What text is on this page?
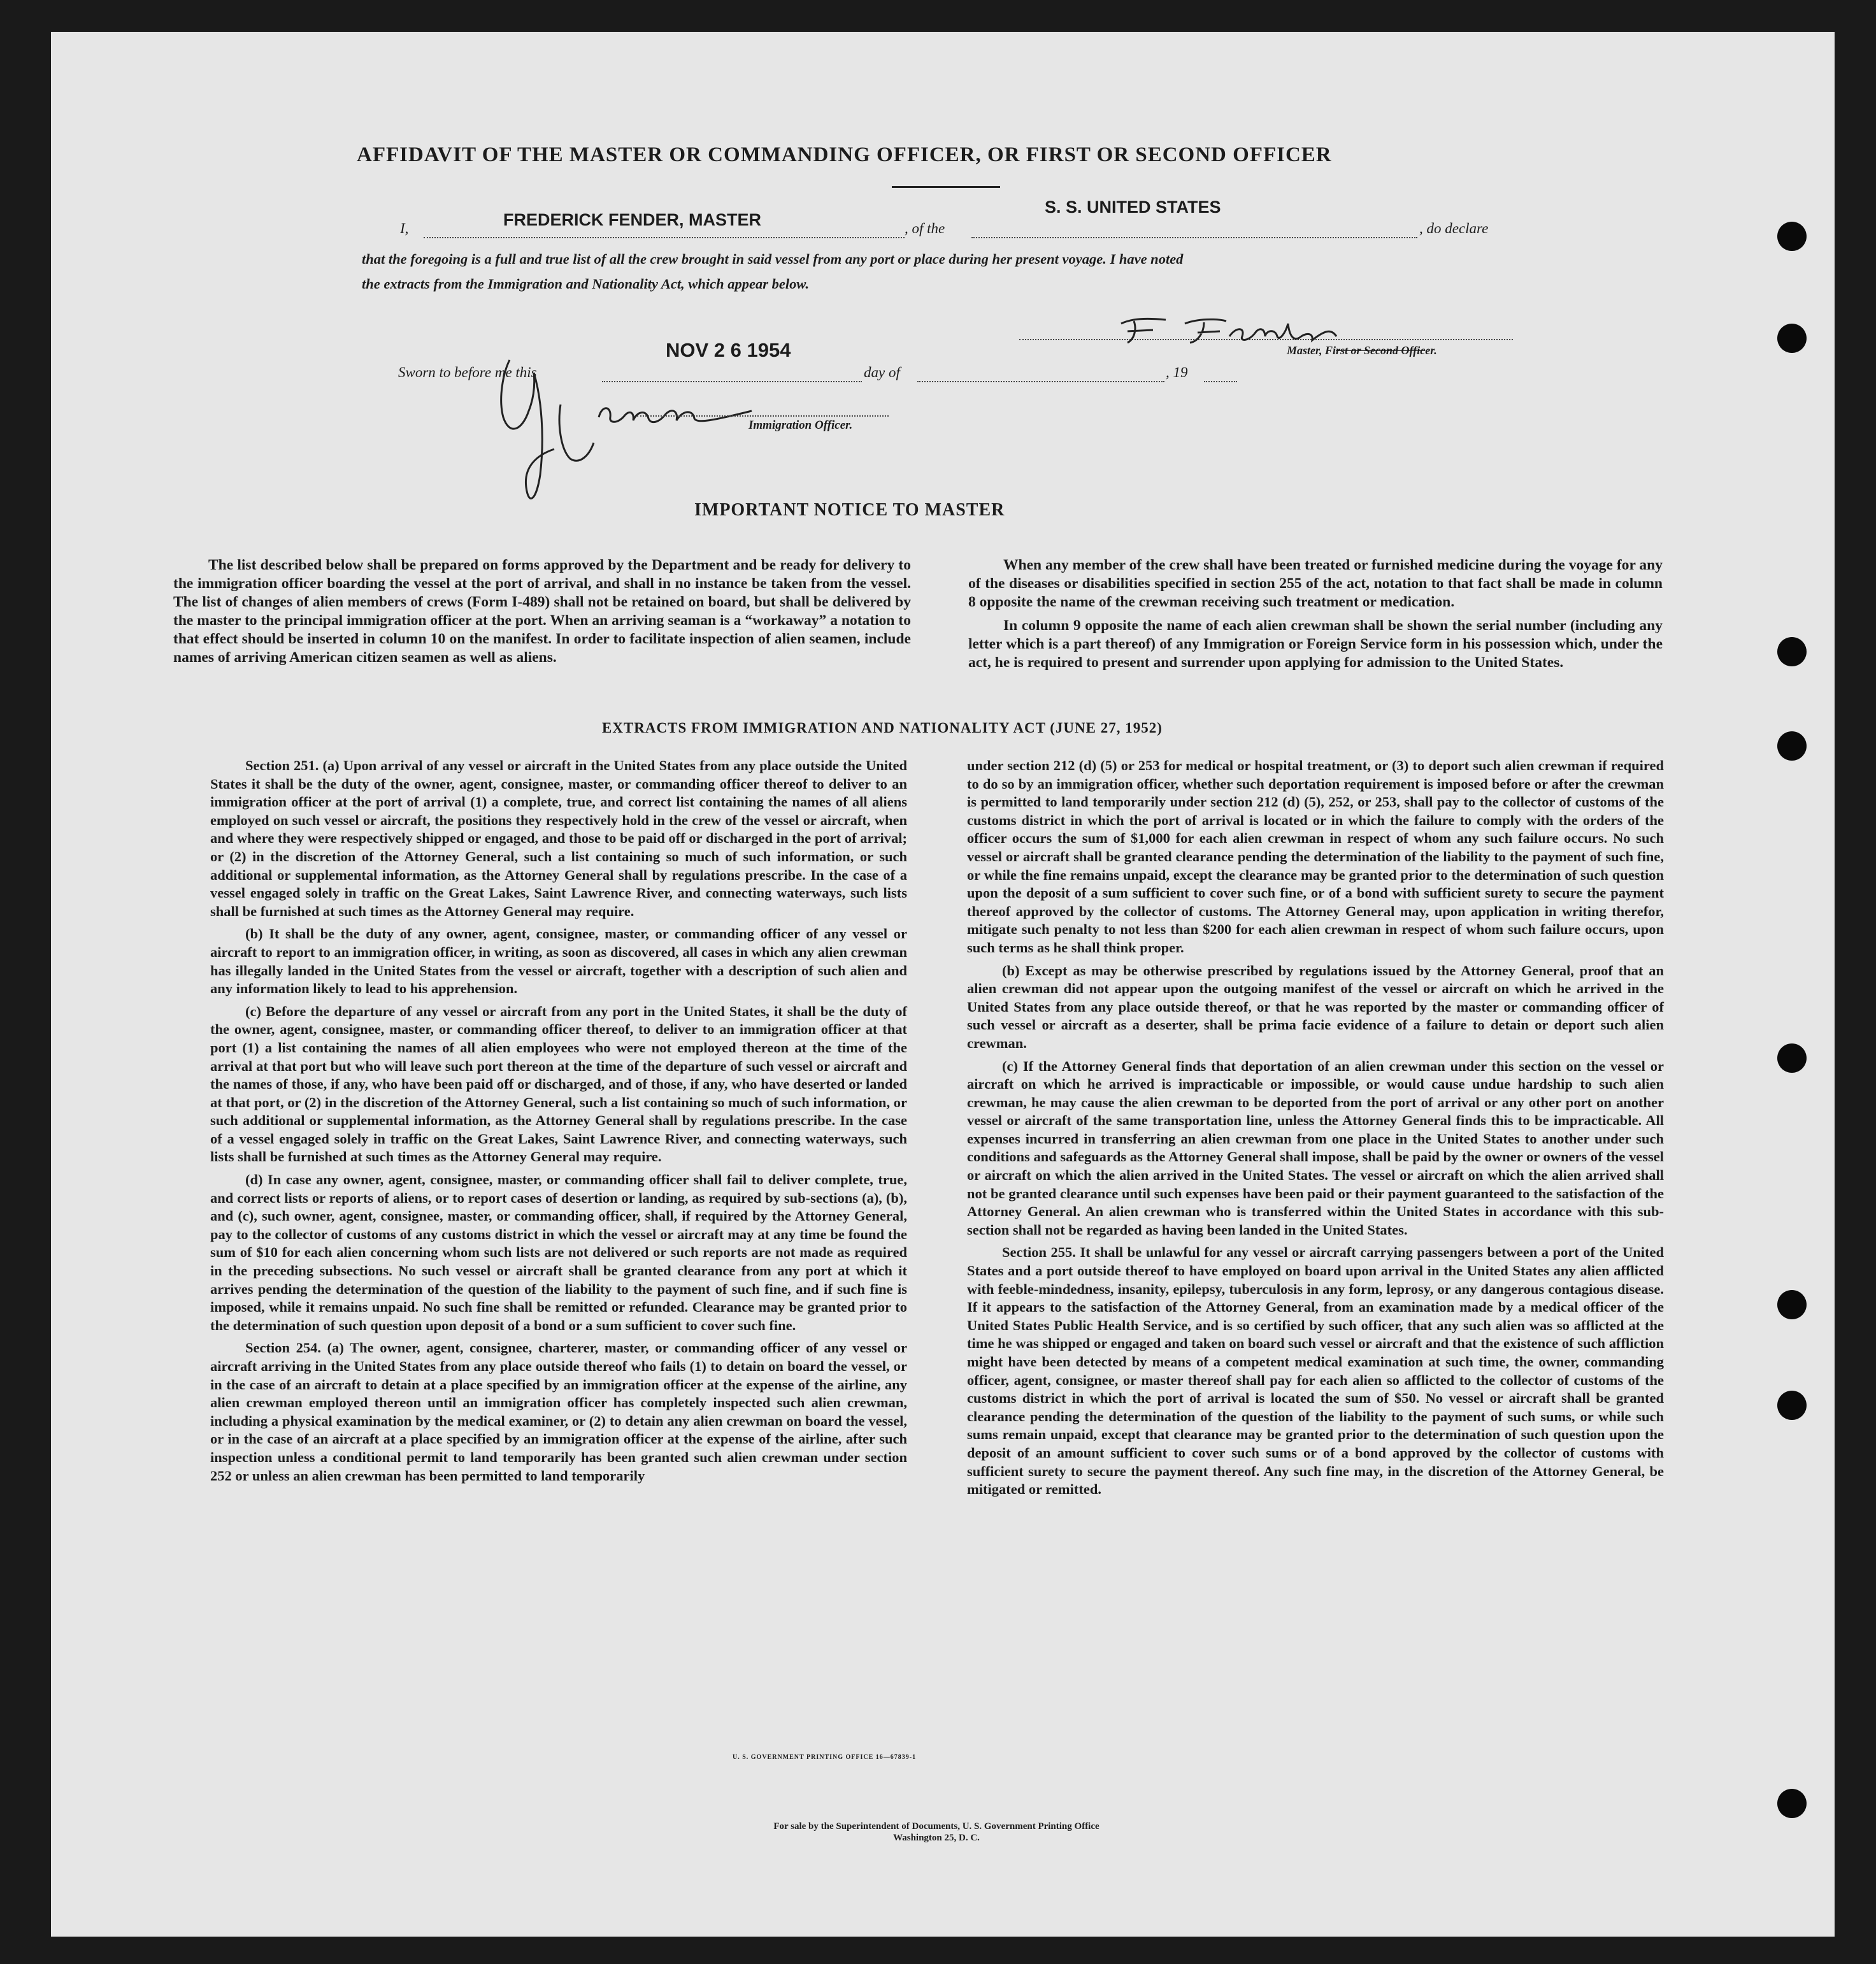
AFFIDAVIT OF THE MASTER OR COMMANDING OFFICER, OR FIRST OR SECOND OFFICER
I,	FREDERICK FENDER, MASTER	, of the
S. S. UNITED STATES
, do declare
that the foregoing is a full and true list of all the crew brought in said vessel from any port or place during her present voyage. I have noted
the extracts from the Immigration and Nationality Act, which appear below.
Master, First or Second Officer.
NOV 2 6 1954
Sworn to before me this	day of	, 19
Immigration Officer.
IMPORTANT NOTICE TO MASTER

The list described below shall be prepared on forms approved by the Department and be ready for delivery to the immigration officer boarding the vessel at the port of arrival, and shall in no instance be taken from the vessel. The list of changes of alien members of crews (Form I-489) shall not be retained on board, but shall be delivered by the master to the principal immigration officer at the port. When an arriving seaman is a “workaway” a notation to that effect should be inserted in column 10 on the manifest. In order to facilitate inspection of alien seamen, include names of arriving American citizen seamen as well as aliens.

When any member of the crew shall have been treated or furnished medicine during the voyage for any of the diseases or disabilities specified in section 255 of the act, notation to that fact shall be made in column 8 opposite the name of the crewman receiving such treatment or medication.

In column 9 opposite the name of each alien crewman shall be shown the serial number (including any letter which is a part thereof) of any Immigration or Foreign Service form in his possession which, under the act, he is required to present and surrender upon applying for admission to the United States.

EXTRACTS FROM IMMIGRATION AND NATIONALITY ACT (JUNE 27, 1952)

Section 251. (a) Upon arrival of any vessel or aircraft in the United States from any place outside the United States it shall be the duty of the owner, agent, consignee, master, or commanding officer thereof to deliver to an immigration officer at the port of arrival (1) a complete, true, and correct list containing the names of all aliens employed on such vessel or aircraft, the positions they respectively hold in the crew of the vessel or aircraft, when and where they were respectively shipped or engaged, and those to be paid off or discharged in the port of arrival; or (2) in the discretion of the Attorney General, such a list containing so much of such information, or such additional or supplemental information, as the Attorney General shall by regulations prescribe. In the case of a vessel engaged solely in traffic on the Great Lakes, Saint Lawrence River, and connecting waterways, such lists shall be furnished at such times as the Attorney General may require.

(b) It shall be the duty of any owner, agent, consignee, master, or commanding officer of any vessel or aircraft to report to an immigration officer, in writing, as soon as discovered, all cases in which any alien crewman has illegally landed in the United States from the vessel or aircraft, together with a description of such alien and any information likely to lead to his apprehension.

(c) Before the departure of any vessel or aircraft from any port in the United States, it shall be the duty of the owner, agent, consignee, master, or commanding officer thereof, to deliver to an immigration officer at that port (1) a list containing the names of all alien employees who were not employed thereon at the time of the arrival at that port but who will leave such port thereon at the time of the departure of such vessel or aircraft and the names of those, if any, who have been paid off or discharged, and of those, if any, who have deserted or landed at that port, or (2) in the discretion of the Attorney General, such a list containing so much of such information, or such additional or supplemental information, as the Attorney General shall by regulations prescribe. In the case of a vessel engaged solely in traffic on the Great Lakes, Saint Lawrence River, and connecting waterways, such lists shall be furnished at such times as the Attorney General may require.

(d) In case any owner, agent, consignee, master, or commanding officer shall fail to deliver complete, true, and correct lists or reports of aliens, or to report cases of desertion or landing, as required by sub-sections (a), (b), and (c), such owner, agent, consignee, master, or commanding officer, shall, if required by the Attorney General, pay to the collector of customs of any customs district in which the vessel or aircraft may at any time be found the sum of $10 for each alien concerning whom such lists are not delivered or such reports are not made as required in the preceding subsections. No such vessel or aircraft shall be granted clearance from any port at which it arrives pending the determination of the question of the liability to the payment of such fine, and if such fine is imposed, while it remains unpaid. No such fine shall be remitted or refunded. Clearance may be granted prior to the determination of such question upon deposit of a bond or a sum sufficient to cover such fine.

Section 254. (a) The owner, agent, consignee, charterer, master, or commanding officer of any vessel or aircraft arriving in the United States from any place outside thereof who fails (1) to detain on board the vessel, or in the case of an aircraft to detain at a place specified by an immigration officer at the expense of the airline, any alien crewman employed thereon until an immigration officer has completely inspected such alien crewman, including a physical examination by the medical examiner, or (2) to detain any alien crewman on board the vessel, or in the case of an aircraft at a place specified by an immigration officer at the expense of the airline, after such inspection unless a conditional permit to land temporarily has been granted such alien crewman under section 252 or unless an alien crewman has been permitted to land temporarily

under section 212 (d) (5) or 253 for medical or hospital treatment, or (3) to deport such alien crewman if required to do so by an immigration officer, whether such deportation requirement is imposed before or after the crewman is permitted to land temporarily under section 212 (d) (5), 252, or 253, shall pay to the collector of customs of the customs district in which the port of arrival is located or in which the failure to comply with the orders of the officer occurs the sum of $1,000 for each alien crewman in respect of whom any such failure occurs. No such vessel or aircraft shall be granted clearance pending the determination of the liability to the payment of such fine, or while the fine remains unpaid, except the clearance may be granted prior to the determination of such question upon the deposit of a sum sufficient to cover such fine, or of a bond with sufficient surety to secure the payment thereof approved by the collector of customs. The Attorney General may, upon application in writing therefor, mitigate such penalty to not less than $200 for each alien crewman in respect of whom such failure occurs, upon such terms as he shall think proper.

(b) Except as may be otherwise prescribed by regulations issued by the Attorney General, proof that an alien crewman did not appear upon the outgoing manifest of the vessel or aircraft on which he arrived in the United States from any place outside thereof, or that he was reported by the master or commanding officer of such vessel or aircraft as a deserter, shall be prima facie evidence of a failure to detain or deport such alien crewman.

(c) If the Attorney General finds that deportation of an alien crewman under this section on the vessel or aircraft on which he arrived is impracticable or impossible, or would cause undue hardship to such alien crewman, he may cause the alien crewman to be deported from the port of arrival or any other port on another vessel or aircraft of the same transportation line, unless the Attorney General finds this to be impracticable. All expenses incurred in transferring an alien crewman from one place in the United States to another under such conditions and safeguards as the Attorney General shall impose, shall be paid by the owner or owners of the vessel or aircraft on which the alien arrived in the United States. The vessel or aircraft on which the alien arrived shall not be granted clearance until such expenses have been paid or their payment guaranteed to the satisfaction of the Attorney General. An alien crewman who is transferred within the United States in accordance with this sub-section shall not be regarded as having been landed in the United States.

Section 255. It shall be unlawful for any vessel or aircraft carrying passengers between a port of the United States and a port outside thereof to have employed on board upon arrival in the United States any alien afflicted with feeble-mindedness, insanity, epilepsy, tuberculosis in any form, leprosy, or any dangerous contagious disease. If it appears to the satisfaction of the Attorney General, from an examination made by a medical officer of the United States Public Health Service, and is so certified by such officer, that any such alien was so afflicted at the time he was shipped or engaged and taken on board such vessel or aircraft and that the existence of such affliction might have been detected by means of a competent medical examination at such time, the owner, commanding officer, agent, consignee, or master thereof shall pay for each alien so afflicted to the collector of customs of the customs district in which the port of arrival is located the sum of $50. No vessel or aircraft shall be granted clearance pending the determination of the question of the liability to the payment of such sums, or while such sums remain unpaid, except that clearance may be granted prior to the determination of such question upon the deposit of an amount sufficient to cover such sums or of a bond approved by the collector of customs with sufficient surety to secure the payment thereof. Any such fine may, in the discretion of the Attorney General, be mitigated or remitted.

U. S. GOVERNMENT PRINTING OFFICE 16—67839-1
For sale by the Superintendent of Documents, U. S. Government Printing Office
Washington 25, D. C.
